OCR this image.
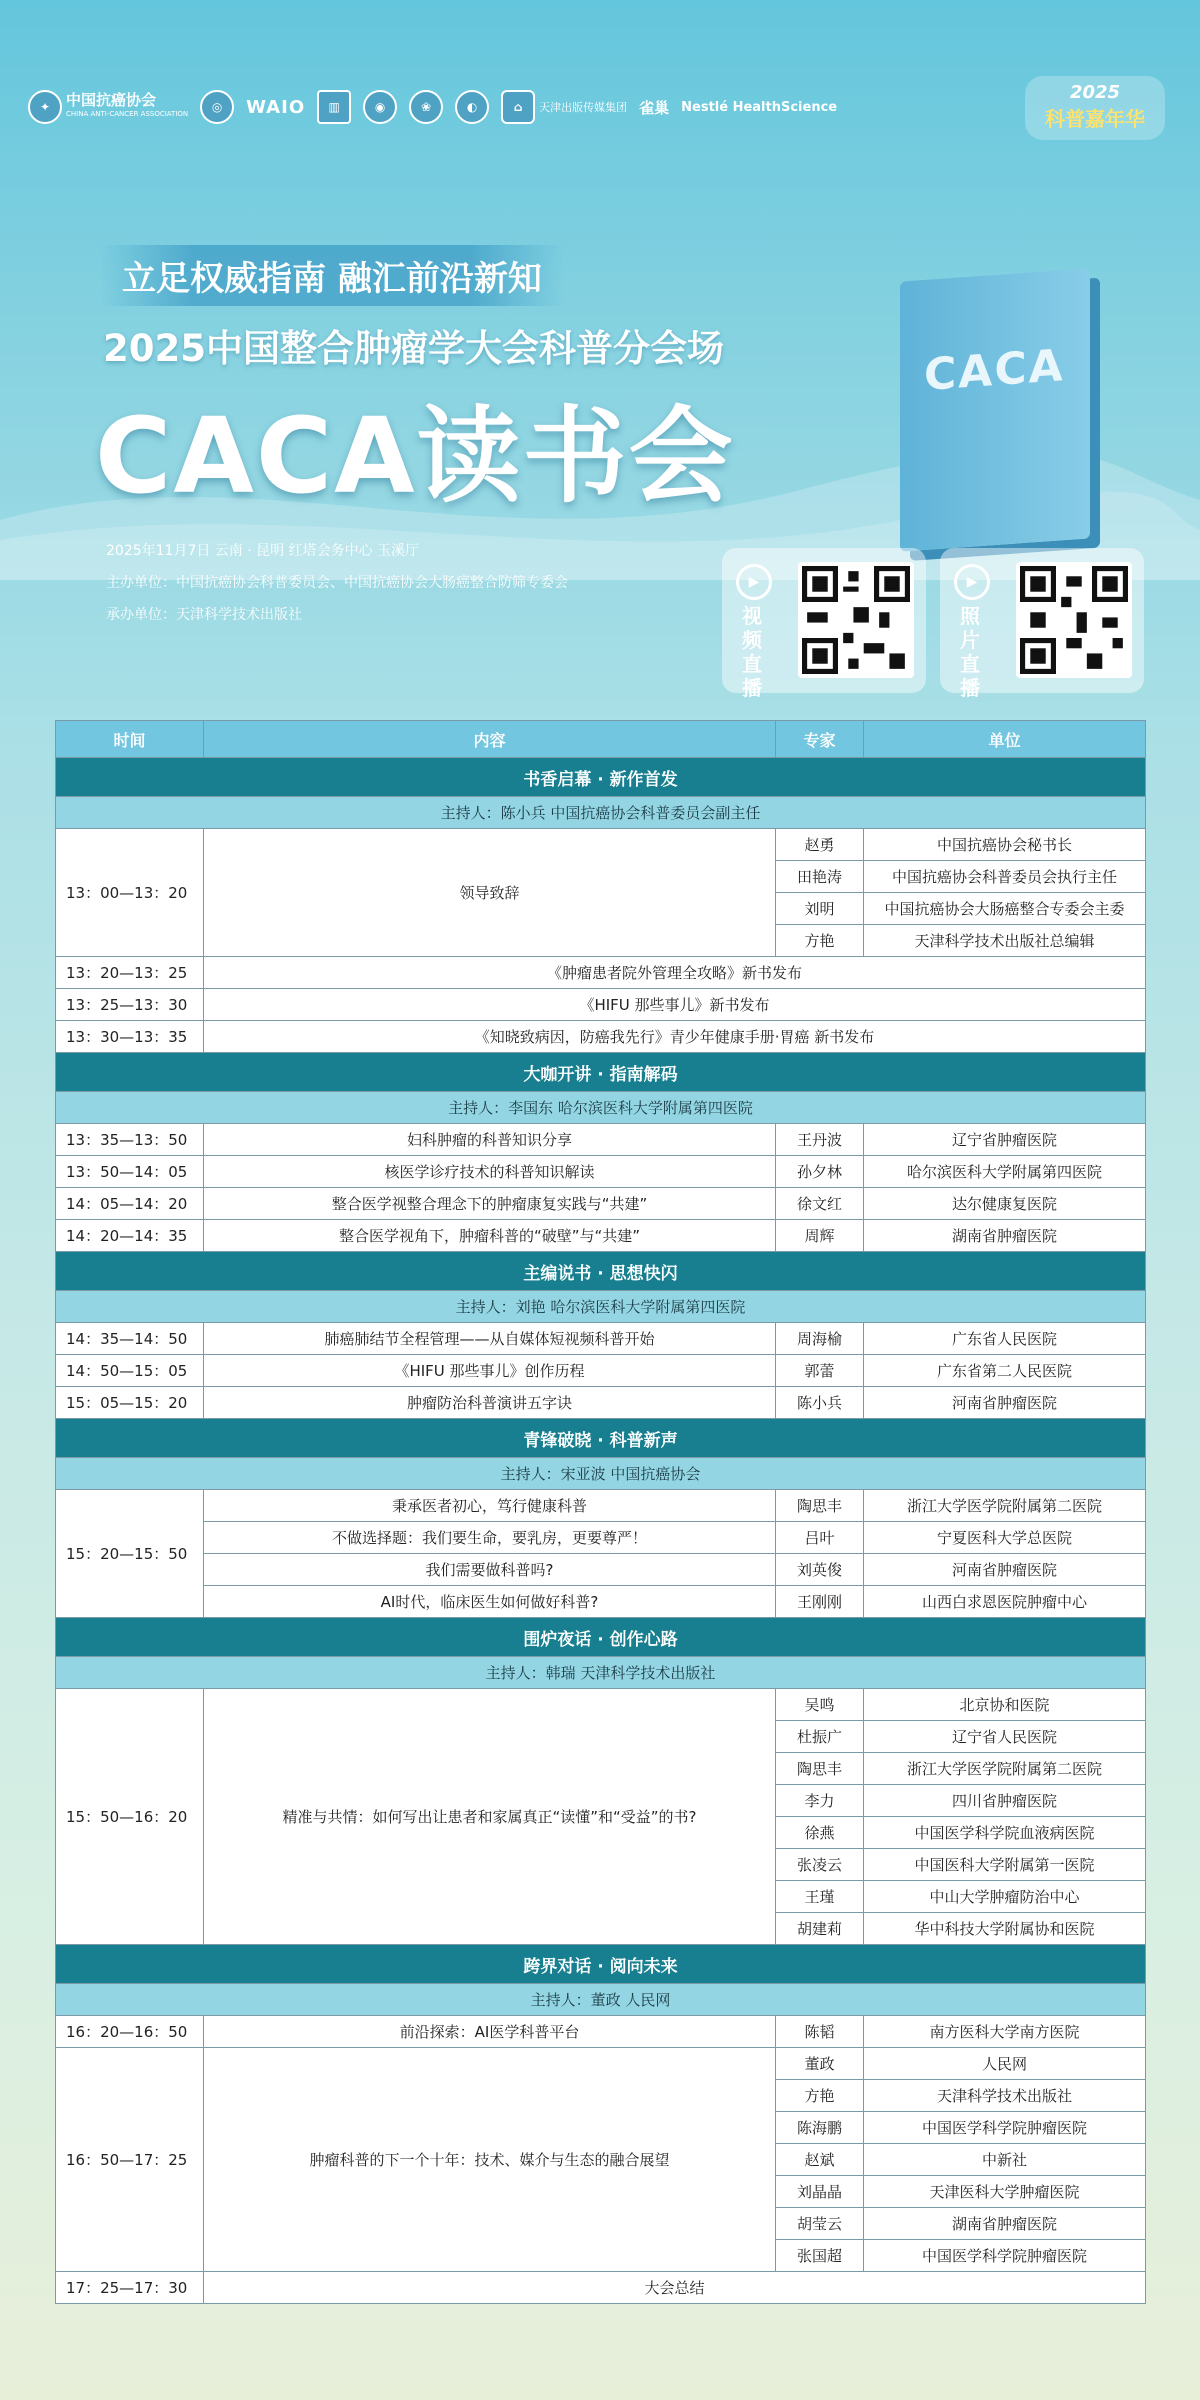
✦	中国抗癌协会
CHINA ANTI-CANCER ASSOCIATION	◎	WAIO	▥	◉	❀	◐	⌂	天津出版传媒集团 雀巢 Nestlé HealthScience
2025
科普嘉年华
CACA
立足权威指南 融汇前沿新知
2025中国整合肿瘤学大会科普分会场
CACA读书会
2025年11月7日 云南 · 昆明 红塔会务中心 玉溪厅
主办单位：中国抗癌协会科普委员会、中国抗癌协会大肠癌整合防筛专委会
承办单位：天津科学技术出版社
▶
视频直播
▶
照片直播
时间	内容	专家	单位
书香启幕 · 新作首发			
主持人：陈小兵 中国抗癌协会科普委员会副主任			
13：00—13：20	领导致辞	赵勇	中国抗癌协会秘书长
		田艳涛	中国抗癌协会科普委员会执行主任
		刘明	中国抗癌协会大肠癌整合专委会主委
		方艳	天津科学技术出版社总编辑
13：20—13：25	《肿瘤患者院外管理全攻略》新书发布		
13：25—13：30	《HIFU 那些事儿》新书发布		
13：30—13：35	《知晓致病因，防癌我先行》青少年健康手册·胃癌 新书发布		
大咖开讲 · 指南解码			
主持人：李国东 哈尔滨医科大学附属第四医院			
13：35—13：50	妇科肿瘤的科普知识分享	王丹波	辽宁省肿瘤医院
13：50—14：05	核医学诊疗技术的科普知识解读	孙夕林	哈尔滨医科大学附属第四医院
14：05—14：20	整合医学视整合理念下的肿瘤康复实践与“共建”	徐文红	达尔健康复医院
14：20—14：35	整合医学视角下，肿瘤科普的“破壁”与“共建”	周辉	湖南省肿瘤医院
主编说书 · 思想快闪			
主持人：刘艳 哈尔滨医科大学附属第四医院			
14：35—14：50	肺癌肺结节全程管理——从自媒体短视频科普开始	周海榆	广东省人民医院
14：50—15：05	《HIFU 那些事儿》创作历程	郭蕾	广东省第二人民医院
15：05—15：20	肿瘤防治科普演讲五字诀	陈小兵	河南省肿瘤医院
青锋破晓 · 科普新声			
主持人：宋亚波 中国抗癌协会			
15：20—15：50	秉承医者初心，笃行健康科普	陶思丰	浙江大学医学院附属第二医院
	不做选择题：我们要生命，要乳房，更要尊严！	吕叶	宁夏医科大学总医院
	我们需要做科普吗?	刘英俊	河南省肿瘤医院
	AI时代，临床医生如何做好科普?	王刚刚	山西白求恩医院肿瘤中心
围炉夜话 · 创作心路			
主持人：韩瑞 天津科学技术出版社			
15：50—16：20	精准与共情：如何写出让患者和家属真正“读懂”和“受益”的书?	吴鸣	北京协和医院
		杜振广	辽宁省人民医院
		陶思丰	浙江大学医学院附属第二医院
		李力	四川省肿瘤医院
		徐燕	中国医学科学院血液病医院
		张凌云	中国医科大学附属第一医院
		王瑾	中山大学肿瘤防治中心
		胡建莉	华中科技大学附属协和医院
跨界对话 · 阅向未来			
主持人：董政 人民网			
16：20—16：50	前沿探索：AI医学科普平台	陈韬	南方医科大学南方医院
16：50—17：25	肿瘤科普的下一个十年：技术、媒介与生态的融合展望	董政	人民网
		方艳	天津科学技术出版社
		陈海鹏	中国医学科学院肿瘤医院
		赵斌	中新社
		刘晶晶	天津医科大学肿瘤医院
		胡莹云	湖南省肿瘤医院
		张国超	中国医学科学院肿瘤医院
17：25—17：30	大会总结		
